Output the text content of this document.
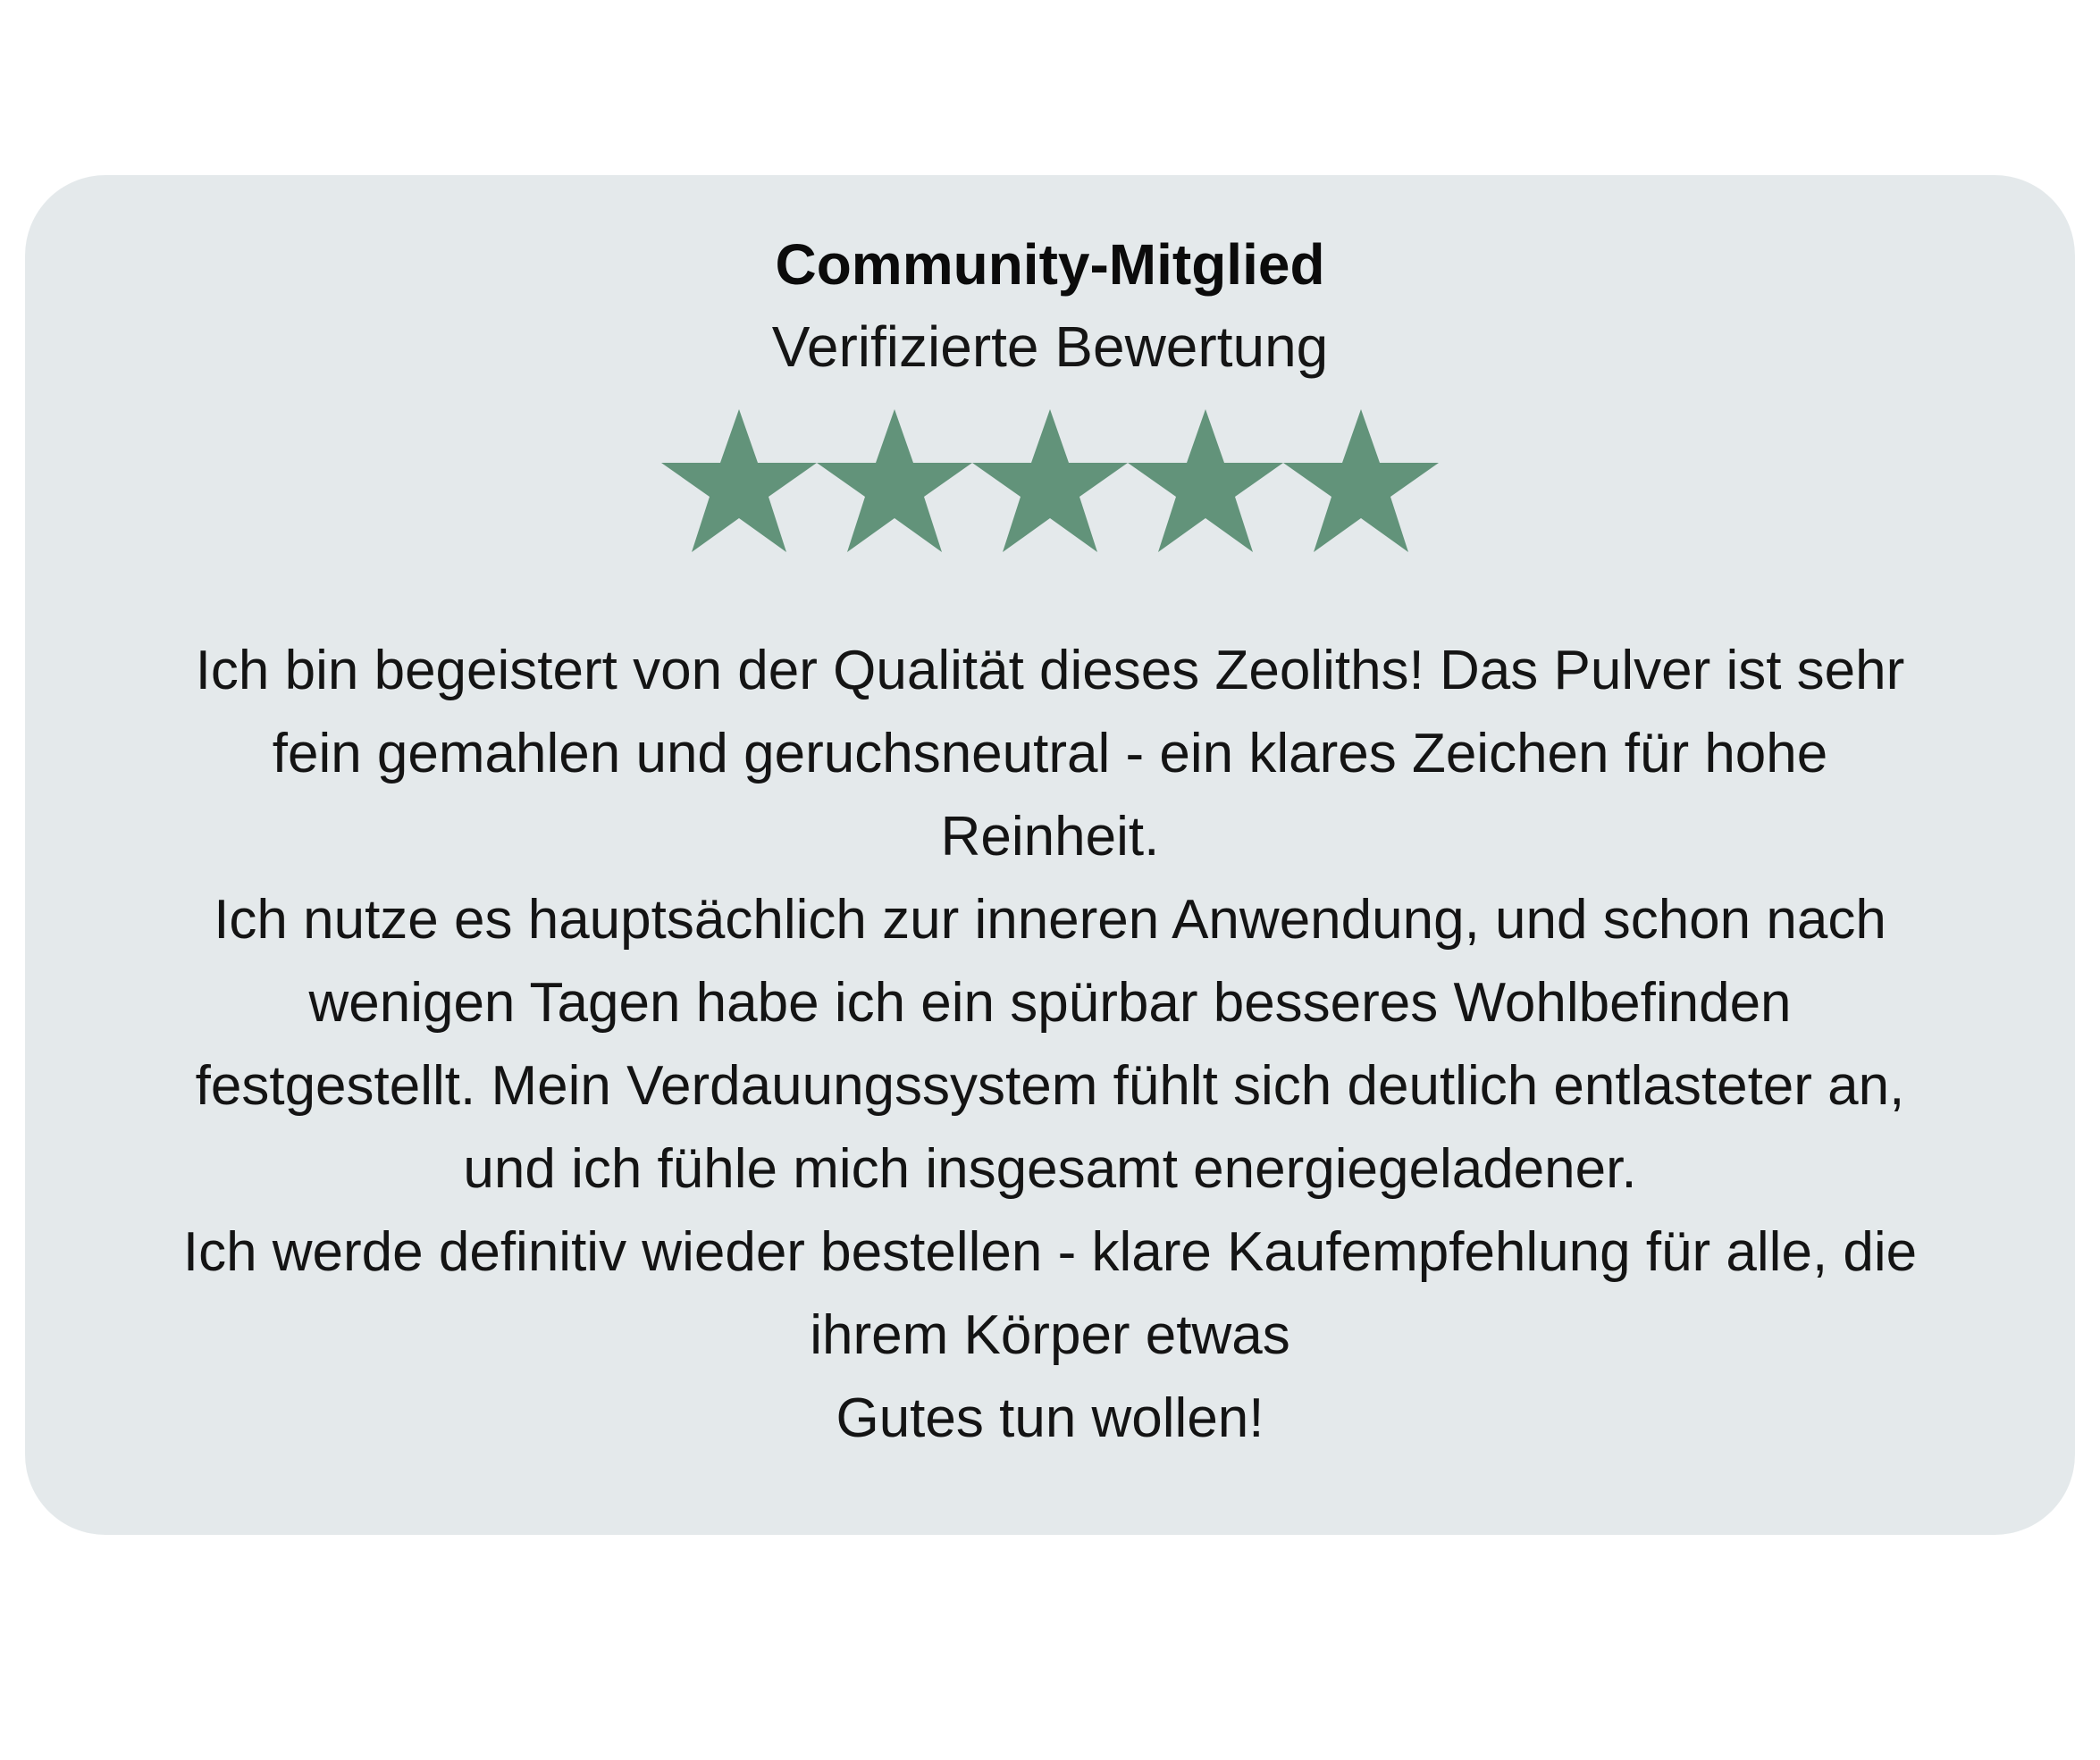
Community-Mitglied

Verifizierte Bewertung

Ich bin begeistert von der Qualität dieses Zeoliths! Das Pulver ist sehr
fein gemahlen und geruchsneutral - ein klares Zeichen für hohe
Reinheit.
Ich nutze es hauptsächlich zur inneren Anwendung, und schon nach
wenigen Tagen habe ich ein spürbar besseres Wohlbefinden
festgestellt. Mein Verdauungssystem fühlt sich deutlich entlasteter an,
und ich fühle mich insgesamt energiegeladener.
Ich werde definitiv wieder bestellen - klare Kaufempfehlung für alle, die
ihrem Körper etwas
Gutes tun wollen!
